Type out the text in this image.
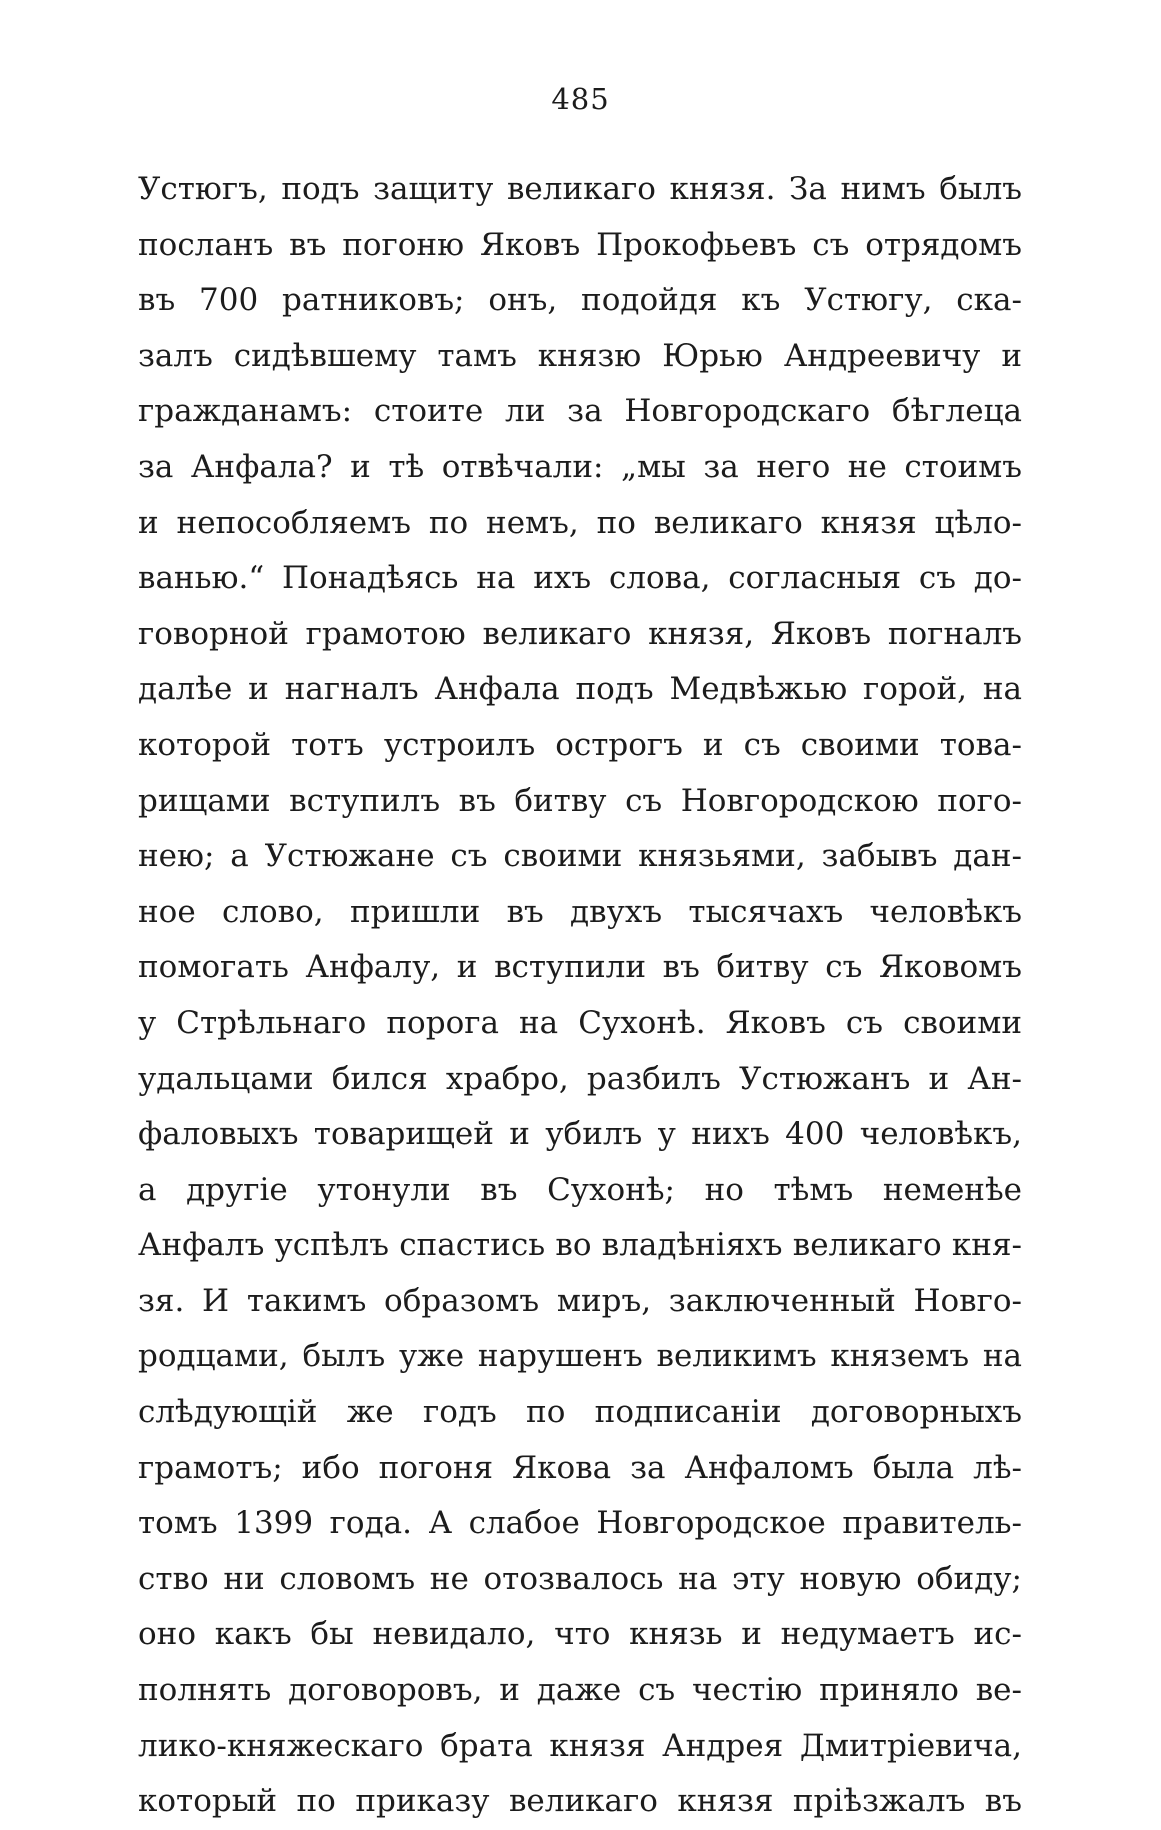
485
Устюгъ, подъ защиту великаго князя. За нимъ былъ
посланъ въ погоню Яковъ Прокофьевъ съ отрядомъ
въ 700 ратниковъ; онъ, подойдя къ Устюгу, ска-
залъ сидѣвшему тамъ князю Юрью Андреевичу и
гражданамъ: стоите ли за Новгородскаго бѣглеца
за Анфала? и тѣ отвѣчали: „мы за него не стоимъ
и непособляемъ по немъ, по великаго князя цѣло-
ванью.“ Понадѣясь на ихъ слова, согласныя съ до-
говорной грамотою великаго князя, Яковъ погналъ
далѣе и нагналъ Анфала подъ Медвѣжью горой, на
которой тотъ устроилъ острогъ и съ своими това-
рищами вступилъ въ битву съ Новгородскою пого-
нею; а Устюжане съ своими князьями, забывъ дан-
ное слово, пришли въ двухъ тысячахъ человѣкъ
помогать Анфалу, и вступили въ битву съ Яковомъ
у Стрѣльнаго порога на Сухонѣ. Яковъ съ своими
удальцами бился храбро, разбилъ Устюжанъ и Ан-
фаловыхъ товарищей и убилъ у нихъ 400 человѣкъ,
а другіе утонули въ Сухонѣ; но тѣмъ неменѣе
Анфалъ успѣлъ спастись во владѣніяхъ великаго кня-
зя. И такимъ образомъ миръ, заключенный Новго-
родцами, былъ уже нарушенъ великимъ княземъ на
слѣдующій же годъ по подписаніи договорныхъ
грамотъ; ибо погоня Якова за Анфаломъ была лѣ-
томъ 1399 года. А слабое Новгородское правитель-
ство ни словомъ не отозвалось на эту новую обиду;
оно какъ бы невидало, что князь и недумаетъ ис-
полнять договоровъ, и даже съ честію приняло ве-
лико-княжескаго брата князя Андрея Дмитріевича,
который по приказу великаго князя пріѣзжалъ въ
